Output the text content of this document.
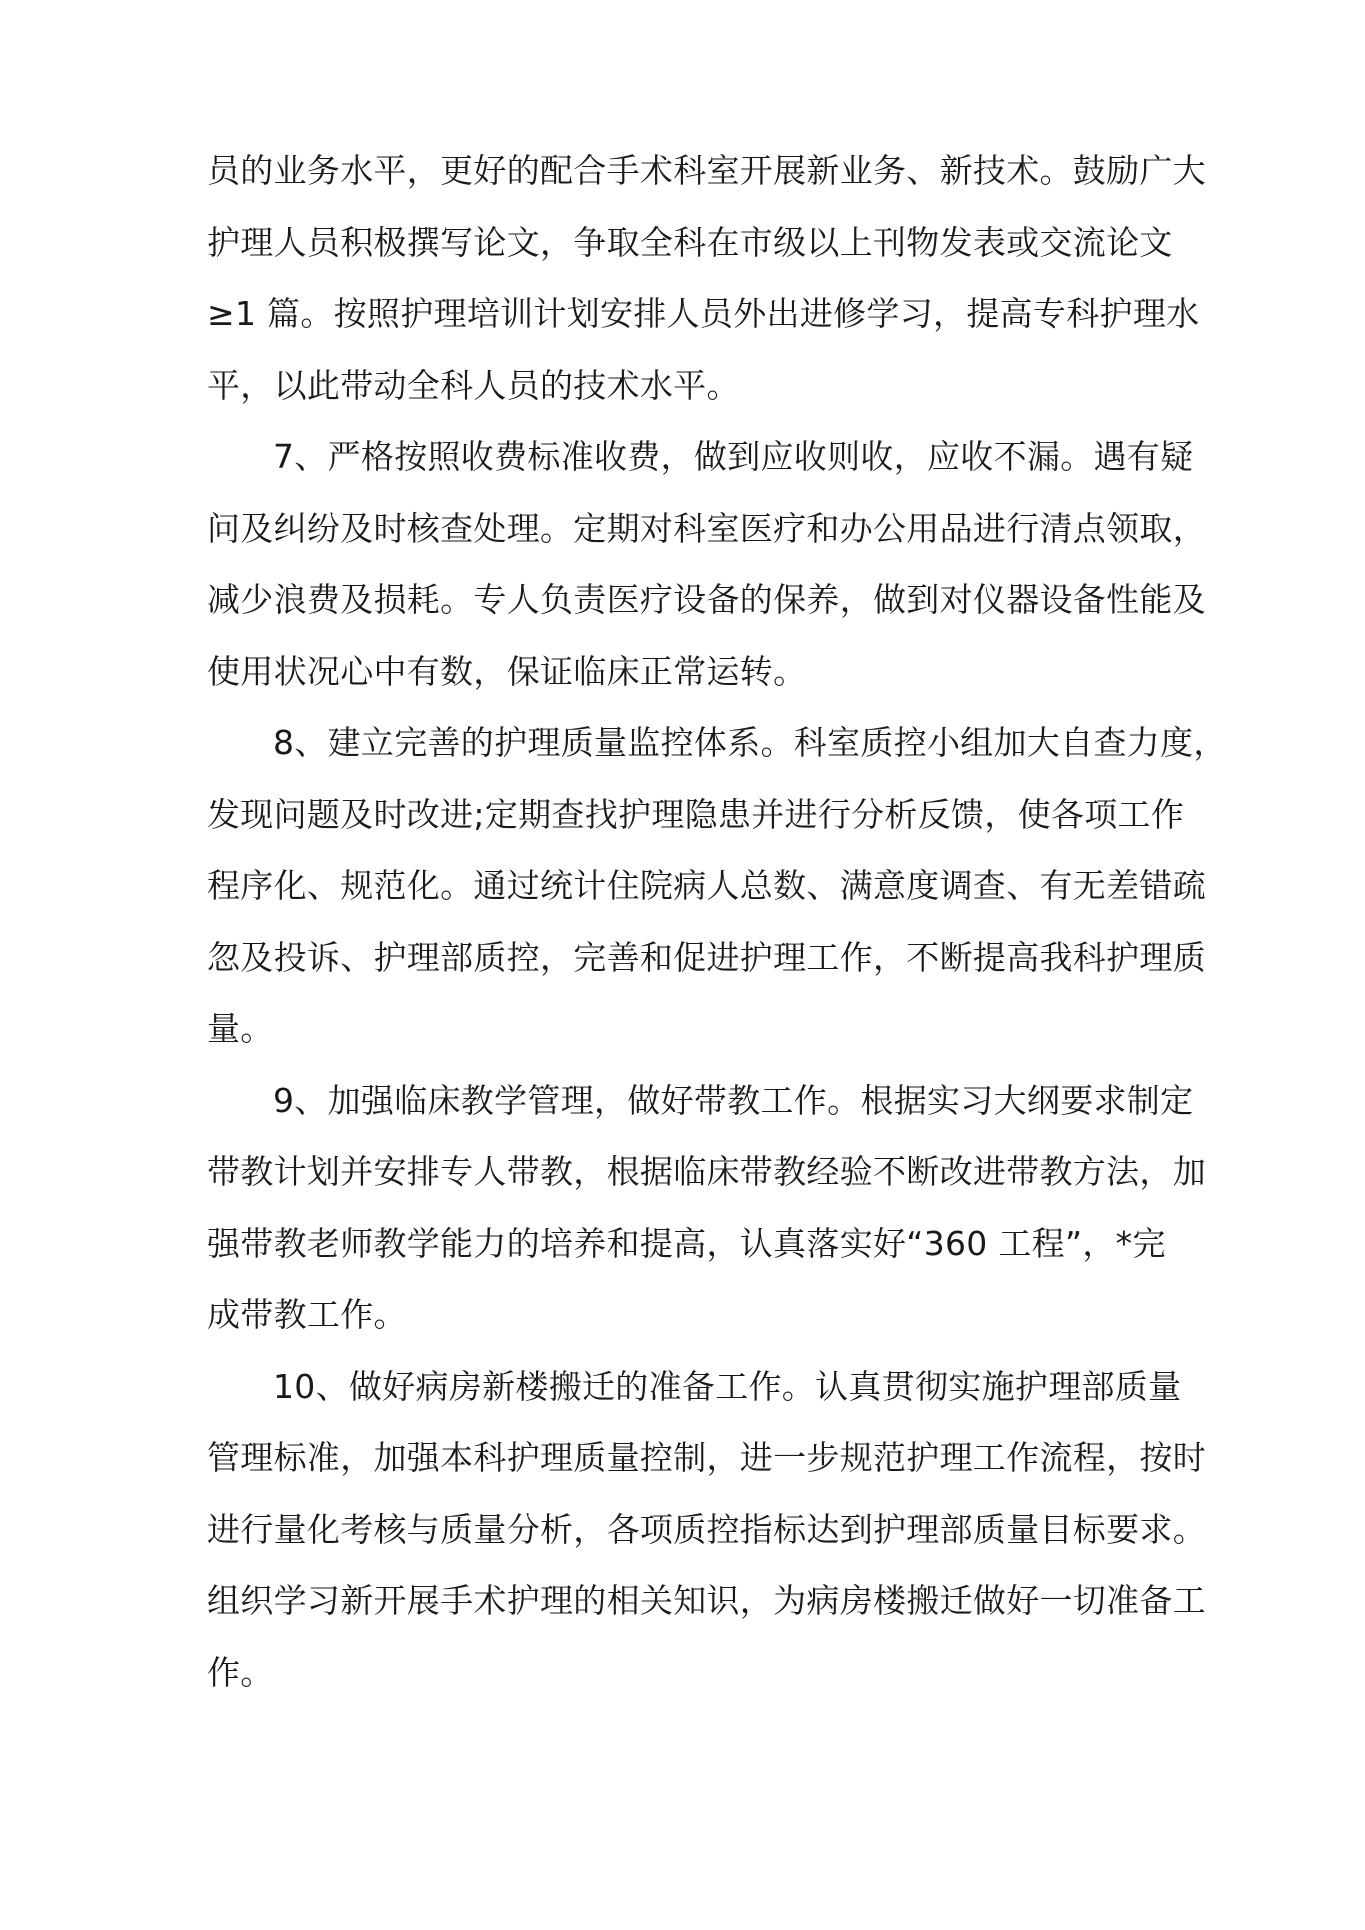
员的业务水平，更好的配合手术科室开展新业务、新技术。鼓励广大
护理人员积极撰写论文，争取全科在市级以上刊物发表或交流论文
≥1 篇。按照护理培训计划安排人员外出进修学习，提高专科护理水
平，以此带动全科人员的技术水平。
7、严格按照收费标准收费，做到应收则收，应收不漏。遇有疑
问及纠纷及时核查处理。定期对科室医疗和办公用品进行清点领取，
减少浪费及损耗。专人负责医疗设备的保养，做到对仪器设备性能及
使用状况心中有数，保证临床正常运转。
8、建立完善的护理质量监控体系。科室质控小组加大自查力度，
发现问题及时改进;定期查找护理隐患并进行分析反馈，使各项工作
程序化、规范化。通过统计住院病人总数、满意度调查、有无差错疏
忽及投诉、护理部质控，完善和促进护理工作，不断提高我科护理质
量。
9、加强临床教学管理，做好带教工作。根据实习大纲要求制定
带教计划并安排专人带教，根据临床带教经验不断改进带教方法，加
强带教老师教学能力的培养和提高，认真落实好“360 工程”，*完
成带教工作。
10、做好病房新楼搬迁的准备工作。认真贯彻实施护理部质量
管理标准，加强本科护理质量控制，进一步规范护理工作流程，按时
进行量化考核与质量分析，各项质控指标达到护理部质量目标要求。
组织学习新开展手术护理的相关知识，为病房楼搬迁做好一切准备工
作。
